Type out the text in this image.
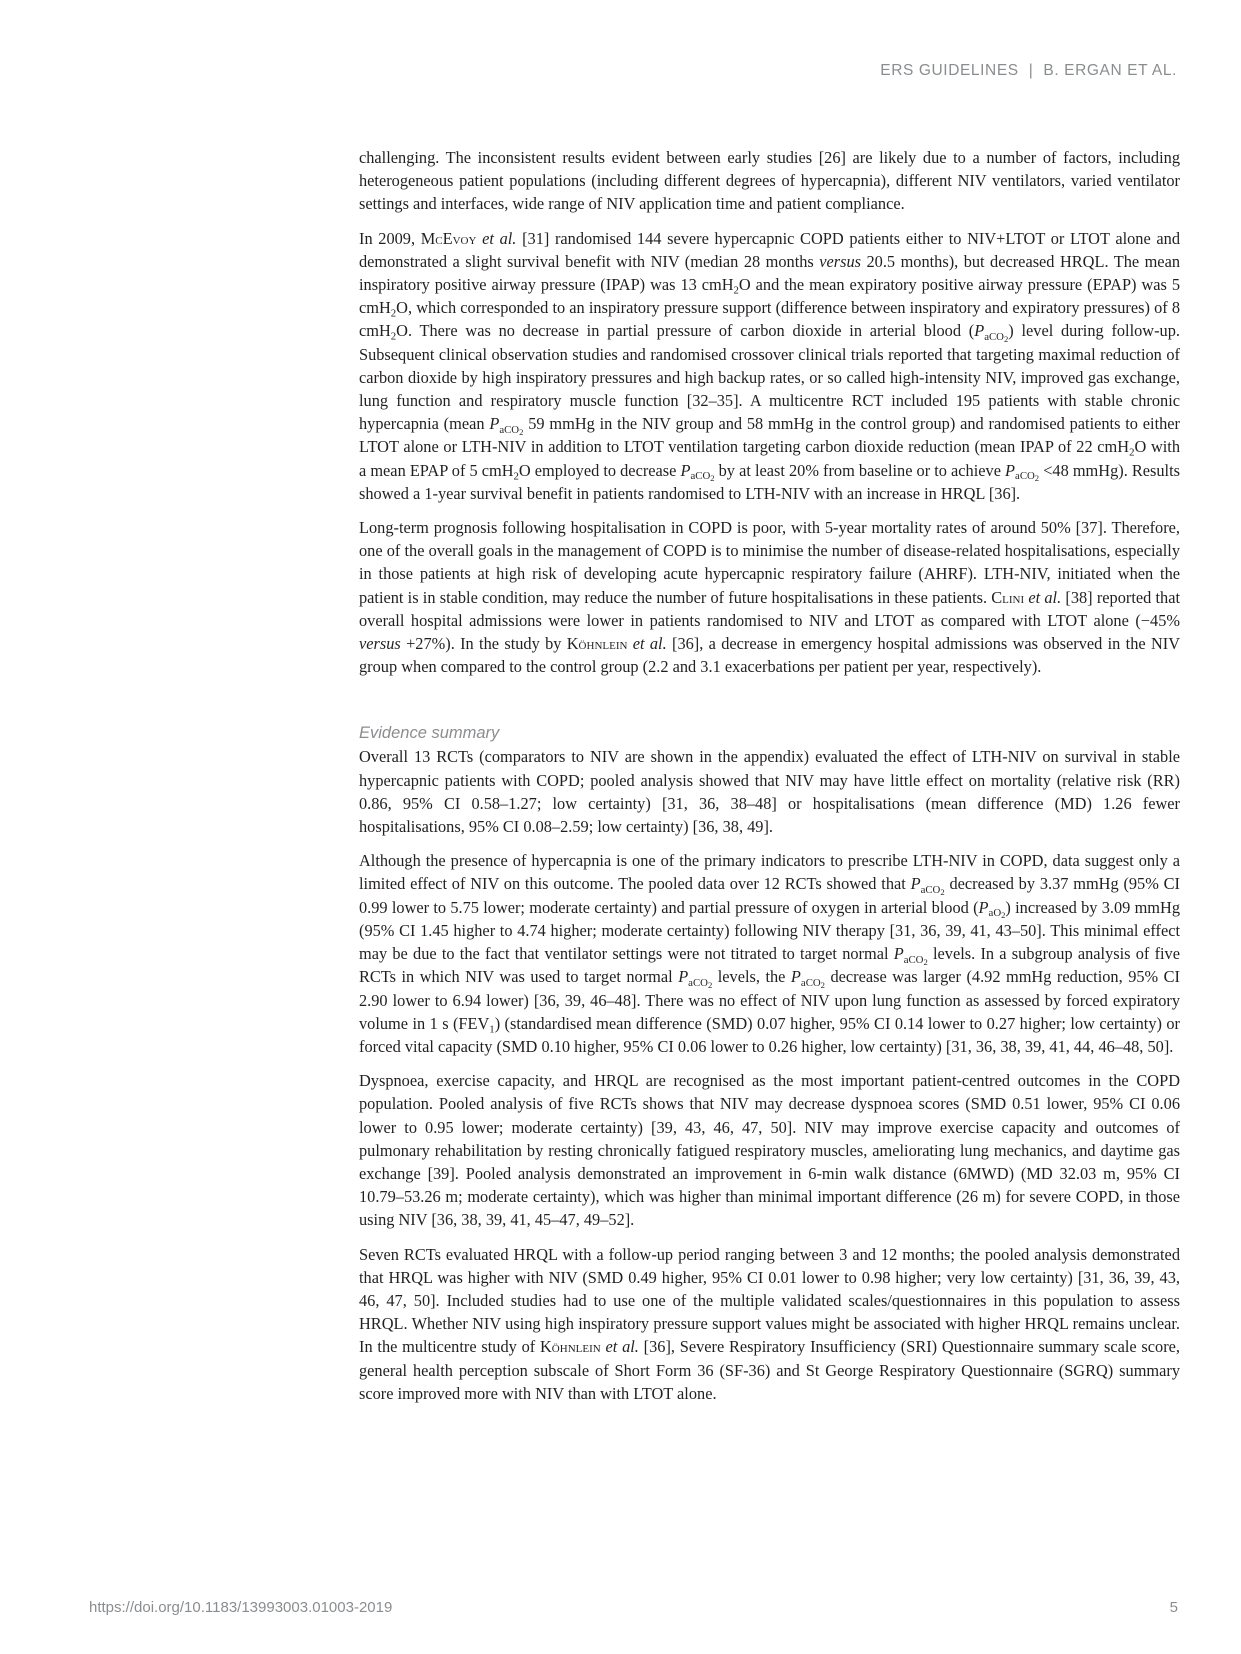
ERS GUIDELINES | B. ERGAN ET AL.

challenging. The inconsistent results evident between early studies [26] are likely due to a number of factors, including heterogeneous patient populations (including different degrees of hypercapnia), different NIV ventilators, varied ventilator settings and interfaces, wide range of NIV application time and patient compliance.

In 2009, McEvoy et al. [31] randomised 144 severe hypercapnic COPD patients either to NIV+LTOT or LTOT alone and demonstrated a slight survival benefit with NIV (median 28 months versus 20.5 months), but decreased HRQL. The mean inspiratory positive airway pressure (IPAP) was 13 cmH$_2$O and the mean expiratory positive airway pressure (EPAP) was 5 cmH$_2$O, which corresponded to an inspiratory pressure support (difference between inspiratory and expiratory pressures) of 8 cmH$_2$O. There was no decrease in partial pressure of carbon dioxide in arterial blood $(P_{aCO_2})$ level during follow-up. Subsequent clinical observation studies and randomised crossover clinical trials reported that targeting maximal reduction of carbon dioxide by high inspiratory pressures and high backup rates, or so called high-intensity NIV, improved gas exchange, lung function and respiratory muscle function [32–35]. A multicentre RCT included 195 patients with stable chronic hypercapnia (mean $P_{aCO_2}$ 59 mmHg in the NIV group and 58 mmHg in the control group) and randomised patients to either LTOT alone or LTH-NIV in addition to LTOT ventilation targeting carbon dioxide reduction (mean IPAP of 22 cmH$_2$O with a mean EPAP of 5 cmH$_2$O employed to decrease $P_{aCO_2}$ by at least 20% from baseline or to achieve $P_{aCO_2} <48$ mmHg). Results showed a 1-year survival benefit in patients randomised to LTH-NIV with an increase in HRQL [36].

Long-term prognosis following hospitalisation in COPD is poor, with 5-year mortality rates of around 50% [37]. Therefore, one of the overall goals in the management of COPD is to minimise the number of disease-related hospitalisations, especially in those patients at high risk of developing acute hypercapnic respiratory failure (AHRF). LTH-NIV, initiated when the patient is in stable condition, may reduce the number of future hospitalisations in these patients. Clini et al. [38] reported that overall hospital admissions were lower in patients randomised to NIV and LTOT as compared with LTOT alone (−45% versus +27%). In the study by Köhnlein et al. [36], a decrease in emergency hospital admissions was observed in the NIV group when compared to the control group (2.2 and 3.1 exacerbations per patient per year, respectively).

Evidence summary

Overall 13 RCTs (comparators to NIV are shown in the appendix) evaluated the effect of LTH-NIV on survival in stable hypercapnic patients with COPD; pooled analysis showed that NIV may have little effect on mortality (relative risk (RR) 0.86, 95% CI 0.58–1.27; low certainty) [31, 36, 38–48] or hospitalisations (mean difference (MD) 1.26 fewer hospitalisations, 95% CI 0.08–2.59; low certainty) [36, 38, 49].

Although the presence of hypercapnia is one of the primary indicators to prescribe LTH-NIV in COPD, data suggest only a limited effect of NIV on this outcome. The pooled data over 12 RCTs showed that $P_{aCO_2}$ decreased by 3.37 mmHg (95% CI 0.99 lower to 5.75 lower; moderate certainty) and partial pressure of oxygen in arterial blood $(P_{aO_2})$ increased by 3.09 mmHg (95% CI 1.45 higher to 4.74 higher; moderate certainty) following NIV therapy [31, 36, 39, 41, 43–50]. This minimal effect may be due to the fact that ventilator settings were not titrated to target normal $P_{aCO_2}$ levels. In a subgroup analysis of five RCTs in which NIV was used to target normal $P_{aCO_2}$ levels, the $P_{aCO_2}$ decrease was larger (4.92 mmHg reduction, 95% CI 2.90 lower to 6.94 lower) [36, 39, 46–48]. There was no effect of NIV upon lung function as assessed by forced expiratory volume in 1 s $(FEV_1)$ (standardised mean difference (SMD) 0.07 higher, 95% CI 0.14 lower to 0.27 higher; low certainty) or forced vital capacity (SMD 0.10 higher, 95% CI 0.06 lower to 0.26 higher, low certainty) [31, 36, 38, 39, 41, 44, 46–48, 50].

Dyspnoea, exercise capacity, and HRQL are recognised as the most important patient-centred outcomes in the COPD population. Pooled analysis of five RCTs shows that NIV may decrease dyspnoea scores (SMD 0.51 lower, 95% CI 0.06 lower to 0.95 lower; moderate certainty) [39, 43, 46, 47, 50]. NIV may improve exercise capacity and outcomes of pulmonary rehabilitation by resting chronically fatigued respiratory muscles, ameliorating lung mechanics, and daytime gas exchange [39]. Pooled analysis demonstrated an improvement in 6-min walk distance (6MWD) (MD 32.03 m, 95% CI 10.79–53.26 m; moderate certainty), which was higher than minimal important difference (26 m) for severe COPD, in those using NIV [36, 38, 39, 41, 45–47, 49–52].

Seven RCTs evaluated HRQL with a follow-up period ranging between 3 and 12 months; the pooled analysis demonstrated that HRQL was higher with NIV (SMD 0.49 higher, 95% CI 0.01 lower to 0.98 higher; very low certainty) [31, 36, 39, 43, 46, 47, 50]. Included studies had to use one of the multiple validated scales/questionnaires in this population to assess HRQL. Whether NIV using high inspiratory pressure support values might be associated with higher HRQL remains unclear. In the multicentre study of Köhnlein et al. [36], Severe Respiratory Insufficiency (SRI) Questionnaire summary scale score, general health perception subscale of Short Form 36 (SF-36) and St George Respiratory Questionnaire (SGRQ) summary score improved more with NIV than with LTOT alone.

https://doi.org/10.1183/13993003.01003-2019	5
